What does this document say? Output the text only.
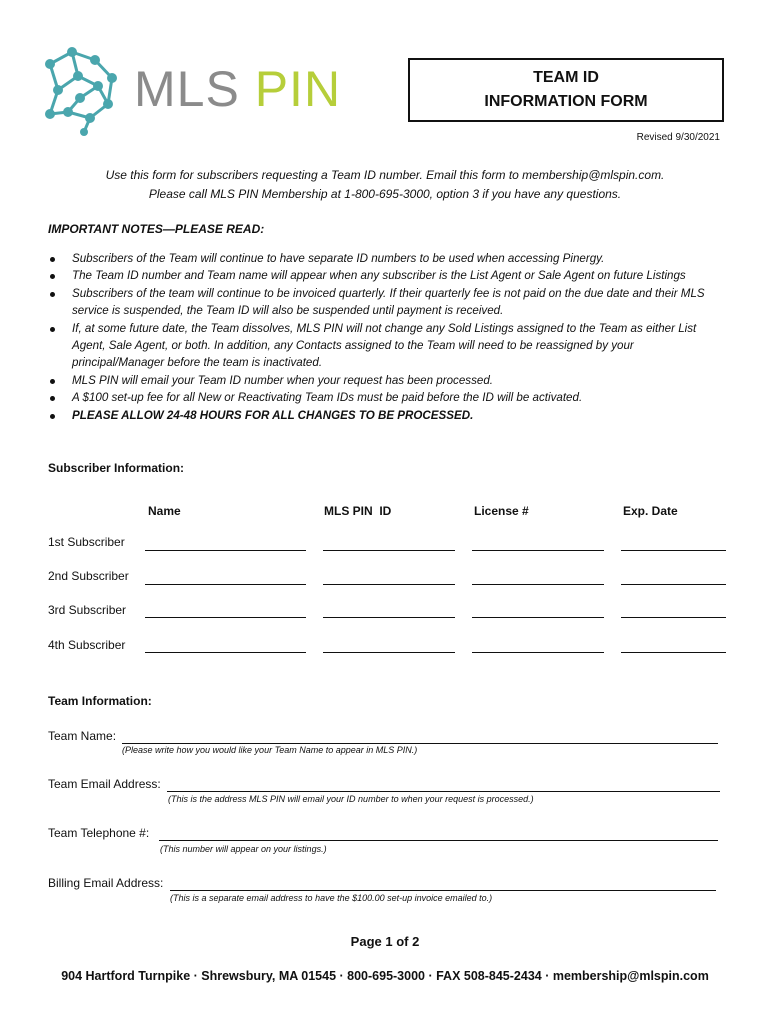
MLS PIN	TEAM ID
INFORMATION FORM
Revised 9/30/2021
Use this form for subscribers requesting a Team ID number. Email this form to membership@mlspin.com.
Please call MLS PIN Membership at 1-800-695-3000, option 3 if you have any questions.
IMPORTANT NOTES—PLEASE READ:
Subscribers of the Team will continue to have separate ID numbers to be used when accessing Pinergy.
The Team ID number and Team name will appear when any subscriber is the List Agent or Sale Agent on future Listings
Subscribers of the team will continue to be invoiced quarterly. If their quarterly fee is not paid on the due date and their MLS service is suspended, the Team ID will also be suspended until payment is received.
If, at some future date, the Team dissolves, MLS PIN will not change any Sold Listings assigned to the Team as either List Agent, Sale Agent, or both. In addition, any Contacts assigned to the Team will need to be reassigned by your principal/Manager before the team is inactivated.
MLS PIN will email your Team ID number when your request has been processed.
A $100 set-up fee for all New or Reactivating Team IDs must be paid before the ID will be activated.
PLEASE ALLOW 24-48 HOURS FOR ALL CHANGES TO BE PROCESSED.
Subscriber Information:
Name	MLS PIN  ID	License #	Exp. Date
1st Subscriber
2nd Subscriber
3rd Subscriber
4th Subscriber
Team Information:
Team Name:
(Please write how you would like your Team Name to appear in MLS PIN.)
Team Email Address:
(This is the address MLS PIN will email your ID number to when your request is processed.)
Team Telephone #:
(This number will appear on your listings.)
Billing Email Address:
(This is a separate email address to have the $100.00 set-up invoice emailed to.)
Page 1 of 2
904 Hartford Turnpike · Shrewsbury, MA 01545 · 800-695-3000 · FAX 508-845-2434 · membership@mlspin.com
